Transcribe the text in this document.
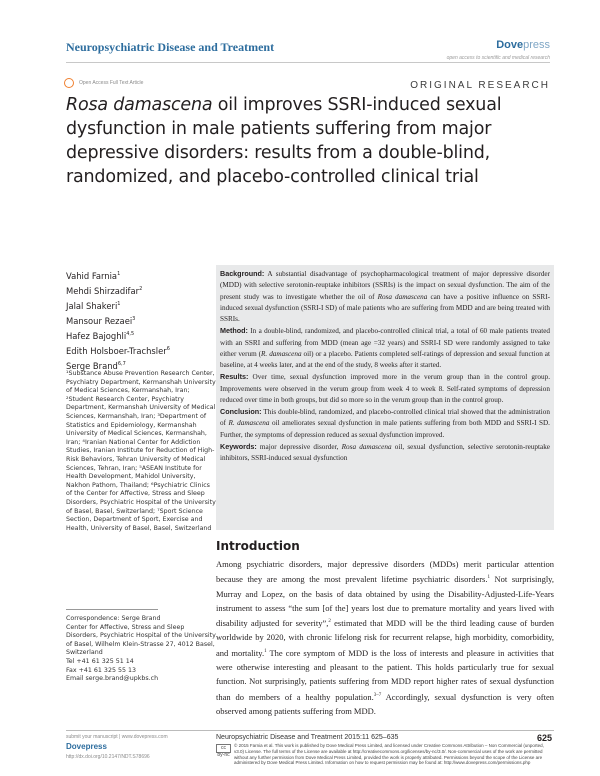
Neuropsychiatric Disease and Treatment	Dovepress
open access to scientific and medical research
Open Access Full Text Article	ORIGINAL RESEARCH
Rosa damascena oil improves SSRI-induced sexual dysfunction in male patients suffering from major depressive disorders: results from a double-blind, randomized, and placebo-controlled clinical trial
Vahid Farnia$^1$
Mehdi Shirzadifar$^2$
Jalal Shakeri$^1$
Mansour Rezaei$^3$
Hafez Bajoghli$^{4,5}$
Edith Holsboer-Trachsler$^6$
Serge Brand$^{6,7}$

¹Substance Abuse Prevention Research Center, Psychiatry Department, Kermanshah University of Medical Sciences, Kermanshah, Iran; ²Student Research Center, Psychiatry Department, Kermanshah University of Medical Sciences, Kermanshah, Iran; ³Department of Statistics and Epidemiology, Kermanshah University of Medical Sciences, Kermanshah, Iran; ⁴Iranian National Center for Addiction Studies, Iranian Institute for Reduction of High-Risk Behaviors, Tehran University of Medical Sciences, Tehran, Iran; ⁵ASEAN Institute for Health Development, Mahidol University, Nakhon Pathom, Thailand; ⁶Psychiatric Clinics of the Center for Affective, Stress and Sleep Disorders, Psychiatric Hospital of the University of Basel, Basel, Switzerland; ⁷Sport Science Section, Department of Sport, Exercise and Health, University of Basel, Basel, Switzerland

Correspondence: Serge Brand

Center for Affective, Stress and Sleep Disorders, Psychiatric Hospital of the University of Basel, Wilhelm Klein-Strasse 27, 4012 Basel, Switzerland

Tel +41 61 325 51 14

Fax +41 61 325 55 13

Email serge.brand@upkbs.ch

Background: A substantial disadvantage of psychopharmacological treatment of major depressive disorder (MDD) with selective serotonin-reuptake inhibitors (SSRIs) is the impact on sexual dysfunction. The aim of the present study was to investigate whether the oil of Rosa damascena can have a positive influence on SSRI-induced sexual dysfunction (SSRI-I SD) of male patients who are suffering from MDD and are being treated with SSRIs.

Method: In a double-blind, randomized, and placebo-controlled clinical trial, a total of 60 male patients treated with an SSRI and suffering from MDD (mean age =32 years) and SSRI-I SD were randomly assigned to take either verum (R. damascena oil) or a placebo. Patients completed self-ratings of depression and sexual function at baseline, at 4 weeks later, and at the end of the study, 8 weeks after it started.

Results: Over time, sexual dysfunction improved more in the verum group than in the control group. Improvements were observed in the verum group from week 4 to week 8. Self-rated symptoms of depression reduced over time in both groups, but did so more so in the verum group than in the control group.

Conclusion: This double-blind, randomized, and placebo-controlled clinical trial showed that the administration of R. damascena oil ameliorates sexual dysfunction in male patients suffering from both MDD and SSRI-I SD. Further, the symptoms of depression reduced as sexual dysfunction improved.

Keywords: major depressive disorder, Rosa damascena oil, sexual dysfunction, selective serotonin-reuptake inhibitors, SSRI-induced sexual dysfunction

Introduction

Among psychiatric disorders, major depressive disorders (MDDs) merit particular attention because they are among the most prevalent lifetime psychiatric disorders.$^1$ Not surprisingly, Murray and Lopez, on the basis of data obtained by using the Disability-Adjusted-Life-Years instrument to assess “the sum [of the] years lost due to premature mortality and years lived with disability adjusted for severity”,$^2$ estimated that MDD will be the third leading cause of burden worldwide by 2020, with chronic lifelong risk for recurrent relapse, high morbidity, comorbidity, and mortality.$^1$ The core symptom of MDD is the loss of interests and pleasure in activities that were otherwise interesting and pleasant to the patient. This holds particularly true for sexual function. Not surprisingly, patients suffering from MDD report higher rates of sexual dysfunction than do members of a healthy population.$^{3-7}$ Accordingly, sexual dysfunction is very often observed among patients suffering from MDD.

submit your manuscript | www.dovepress.com
Dovepress
http://dx.doi.org/10.2147/NDT.S78696
Neuropsychiatric Disease and Treatment 2015:11 625–635	625
cc by-nc
© 2015 Farnia et al. This work is published by Dove Medical Press Limited, and licensed under Creative Commons Attribution – Non Commercial (unported, v3.0) License. The full terms of the License are available at http://creativecommons.org/licenses/by-nc/3.0/. Non-commercial uses of the work are permitted without any further permission from Dove Medical Press Limited, provided the work is properly attributed. Permissions beyond the scope of the License are administered by Dove Medical Press Limited. Information on how to request permission may be found at: http://www.dovepress.com/permissions.php
